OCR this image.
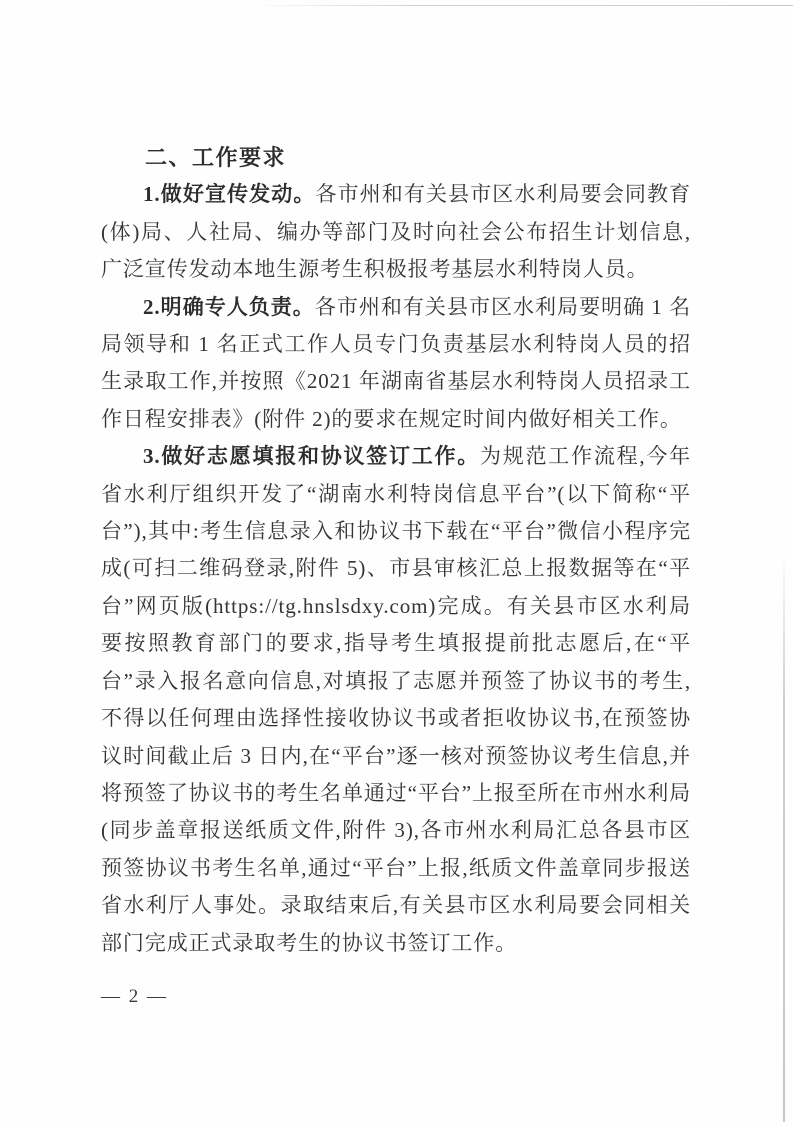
二、工作要求

1.做好宣传发动。各市州和有关县市区水利局要会同教育(体)局、人社局、编办等部门及时向社会公布招生计划信息,广泛宣传发动本地生源考生积极报考基层水利特岗人员。

2.明确专人负责。各市州和有关县市区水利局要明确 1 名局领导和 1 名正式工作人员专门负责基层水利特岗人员的招生录取工作,并按照《2021 年湖南省基层水利特岗人员招录工作日程安排表》(附件 2)的要求在规定时间内做好相关工作。

3.做好志愿填报和协议签订工作。为规范工作流程,今年省水利厅组织开发了“湖南水利特岗信息平台”(以下简称“平台”),其中:考生信息录入和协议书下载在“平台”微信小程序完成(可扫二维码登录,附件 5)、市县审核汇总上报数据等在“平台”网页版(https://tg.hnslsdxy.com)完成。有关县市区水利局要按照教育部门的要求,指导考生填报提前批志愿后,在“平台”录入报名意向信息,对填报了志愿并预签了协议书的考生,不得以任何理由选择性接收协议书或者拒收协议书,在预签协议时间截止后 3 日内,在“平台”逐一核对预签协议考生信息,并将预签了协议书的考生名单通过“平台”上报至所在市州水利局(同步盖章报送纸质文件,附件 3),各市州水利局汇总各县市区预签协议书考生名单,通过“平台”上报,纸质文件盖章同步报送省水利厅人事处。录取结束后,有关县市区水利局要会同相关部门完成正式录取考生的协议书签订工作。

— 2 —
